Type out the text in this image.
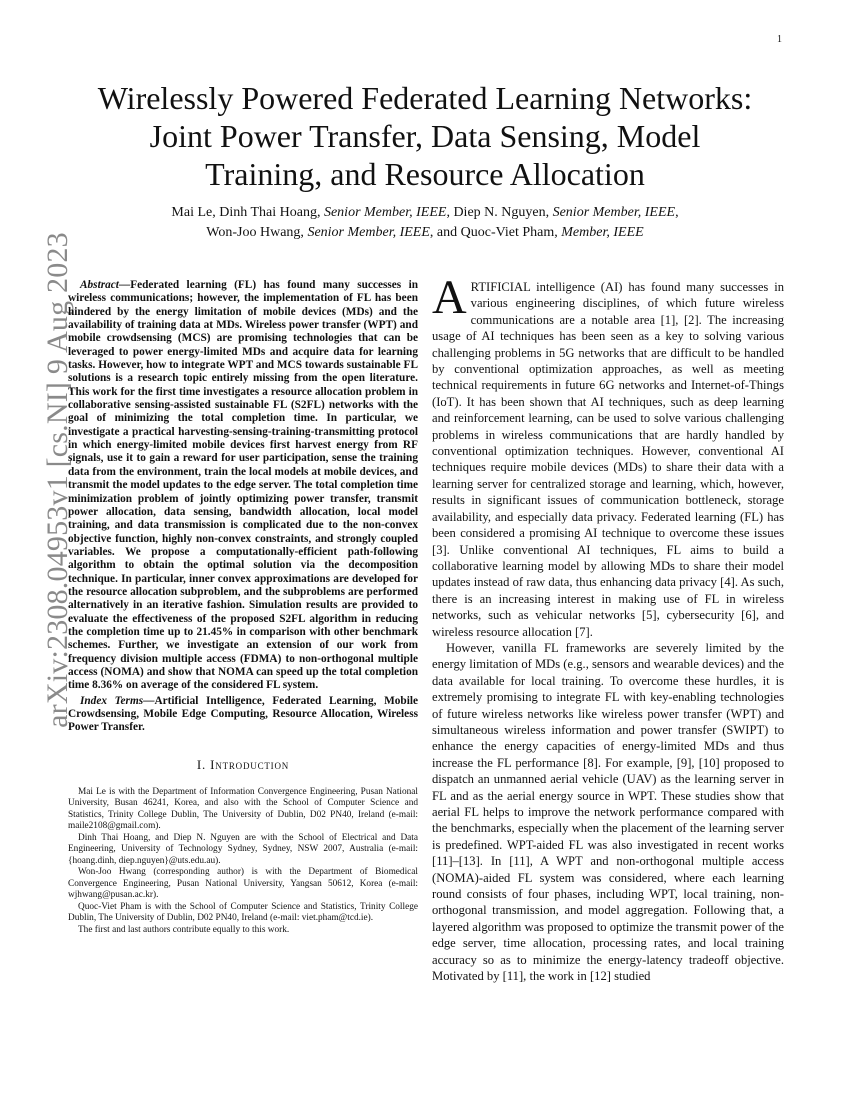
1
arXiv:2308.04953v1 [cs.NI] 9 Aug 2023
Wirelessly Powered Federated Learning Networks:
Joint Power Transfer, Data Sensing, Model
Training, and Resource Allocation
Mai Le, Dinh Thai Hoang, Senior Member, IEEE, Diep N. Nguyen, Senior Member, IEEE,
Won-Joo Hwang, Senior Member, IEEE, and Quoc-Viet Pham, Member, IEEE

Abstract—Federated learning (FL) has found many successes in wireless communications; however, the implementation of FL has been hindered by the energy limitation of mobile devices (MDs) and the availability of training data at MDs. Wireless power transfer (WPT) and mobile crowdsensing (MCS) are promising technologies that can be leveraged to power energy-limited MDs and acquire data for learning tasks. However, how to integrate WPT and MCS towards sustainable FL solutions is a research topic entirely missing from the open literature. This work for the first time investigates a resource allocation problem in collaborative sensing-assisted sustainable FL (S2FL) networks with the goal of minimizing the total completion time. In particular, we investigate a practical harvesting-sensing-training-transmitting protocol in which energy-limited mobile devices first harvest energy from RF signals, use it to gain a reward for user participation, sense the training data from the environment, train the local models at mobile devices, and transmit the model updates to the edge server. The total completion time minimization problem of jointly optimizing power transfer, transmit power allocation, data sensing, bandwidth allocation, local model training, and data transmission is complicated due to the non-convex objective function, highly non-convex constraints, and strongly coupled variables. We propose a computationally-efficient path-following algorithm to obtain the optimal solution via the decomposition technique. In particular, inner convex approximations are developed for the resource allocation subproblem, and the subproblems are performed alternatively in an iterative fashion. Simulation results are provided to evaluate the effectiveness of the proposed S2FL algorithm in reducing the completion time up to 21.45% in comparison with other benchmark schemes. Further, we investigate an extension of our work from frequency division multiple access (FDMA) to non-orthogonal multiple access (NOMA) and show that NOMA can speed up the total completion time 8.36% on average of the considered FL system.

Index Terms—Artificial Intelligence, Federated Learning, Mobile Crowdsensing, Mobile Edge Computing, Resource Allocation, Wireless Power Transfer.

I. Introduction

Mai Le is with the Department of Information Convergence Engineering, Pusan National University, Busan 46241, Korea, and also with the School of Computer Science and Statistics, Trinity College Dublin, The University of Dublin, D02 PN40, Ireland (e-mail: maile2108@gmail.com).

Dinh Thai Hoang, and Diep N. Nguyen are with the School of Electrical and Data Engineering, University of Technology Sydney, Sydney, NSW 2007, Australia (e-mail: {hoang.dinh, diep.nguyen}@uts.edu.au).

Won-Joo Hwang (corresponding author) is with the Department of Biomedical Convergence Engineering, Pusan National University, Yangsan 50612, Korea (e-mail: wjhwang@pusan.ac.kr).

Quoc-Viet Pham is with the School of Computer Science and Statistics, Trinity College Dublin, The University of Dublin, D02 PN40, Ireland (e-mail: viet.pham@tcd.ie).

The first and last authors contribute equally to this work.

ARTIFICIAL intelligence (AI) has found many successes in various engineering disciplines, of which future wireless communications are a notable area [1], [2]. The increasing usage of AI techniques has been seen as a key to solving various challenging problems in 5G networks that are difficult to be handled by conventional optimization approaches, as well as meeting technical requirements in future 6G networks and Internet-of-Things (IoT). It has been shown that AI techniques, such as deep learning and reinforcement learning, can be used to solve various challenging problems in wireless communications that are hardly handled by conventional optimization techniques. However, conventional AI techniques require mobile devices (MDs) to share their data with a learning server for centralized storage and learning, which, however, results in significant issues of communication bottleneck, storage availability, and especially data privacy. Federated learning (FL) has been considered a promising AI technique to overcome these issues [3]. Unlike conventional AI techniques, FL aims to build a collaborative learning model by allowing MDs to share their model updates instead of raw data, thus enhancing data privacy [4]. As such, there is an increasing interest in making use of FL in wireless networks, such as vehicular networks [5], cybersecurity [6], and wireless resource allocation [7].

However, vanilla FL frameworks are severely limited by the energy limitation of MDs (e.g., sensors and wearable devices) and the data available for local training. To overcome these hurdles, it is extremely promising to integrate FL with key-enabling technologies of future wireless networks like wireless power transfer (WPT) and simultaneous wireless information and power transfer (SWIPT) to enhance the energy capacities of energy-limited MDs and thus increase the FL performance [8]. For example, [9], [10] proposed to dispatch an unmanned aerial vehicle (UAV) as the learning server in FL and as the aerial energy source in WPT. These studies show that aerial FL helps to improve the network performance compared with the benchmarks, especially when the placement of the learning server is predefined. WPT-aided FL was also investigated in recent works [11]–[13]. In [11], A WPT and non-orthogonal multiple access (NOMA)-aided FL system was considered, where each learning round consists of four phases, including WPT, local training, non-orthogonal transmission, and model aggregation. Following that, a layered algorithm was proposed to optimize the transmit power of the edge server, time allocation, processing rates, and local training accuracy so as to minimize the energy-latency tradeoff objective. Motivated by [11], the work in [12] studied
